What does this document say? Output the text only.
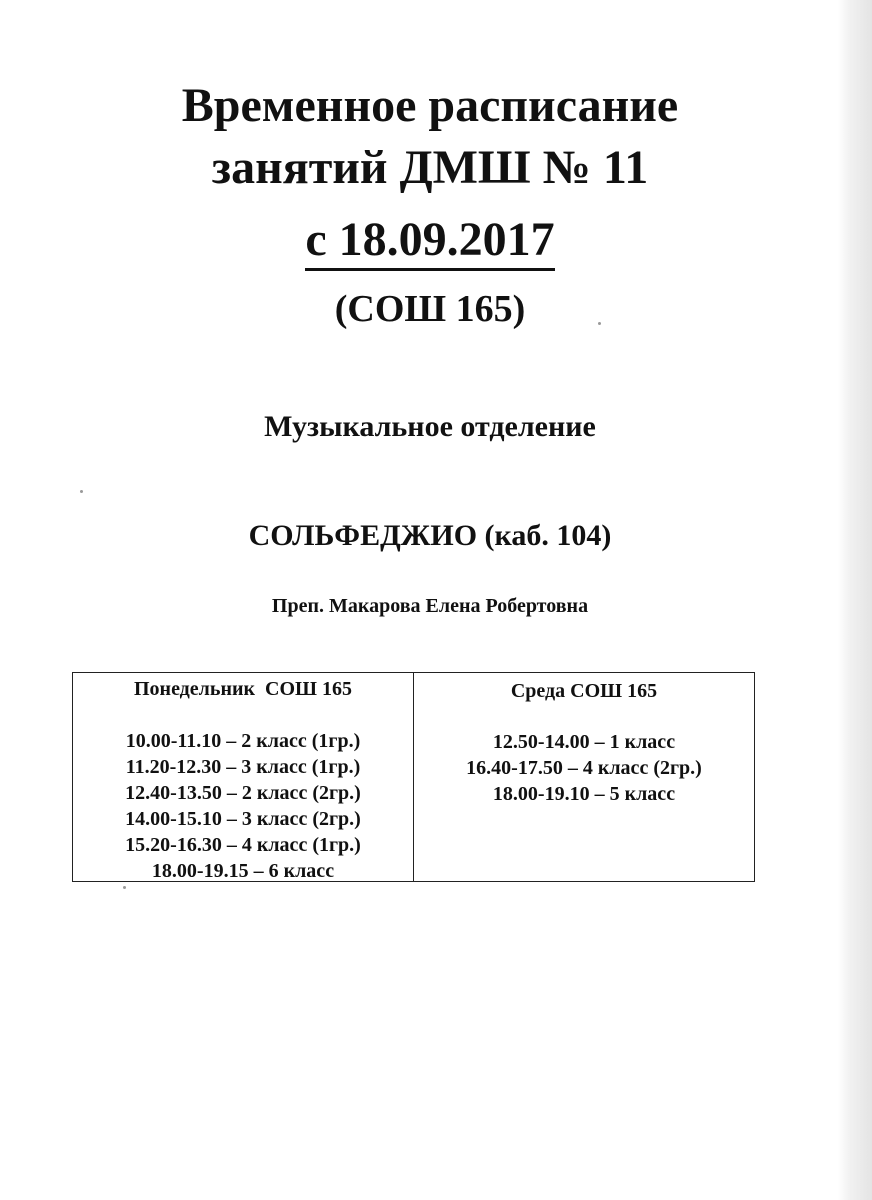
Временное расписание
занятий ДМШ № 11
с 18.09.2017
(СОШ 165)
Музыкальное отделение
СОЛЬФЕДЖИО (каб. 104)

Преп. Макарова Елена Робертовна

Понедельник  СОШ 165
10.00-11.10 – 2 класс (1гр.)
11.20-12.30 – 3 класс (1гр.)
12.40-13.50 – 2 класс (2гр.)
14.00-15.10 – 3 класс (2гр.)
15.20-16.30 – 4 класс (1гр.)
18.00-19.15 – 6 класс
Среда СОШ 165
12.50-14.00 – 1 класс
16.40-17.50 – 4 класс (2гр.)
18.00-19.10 – 5 класс
